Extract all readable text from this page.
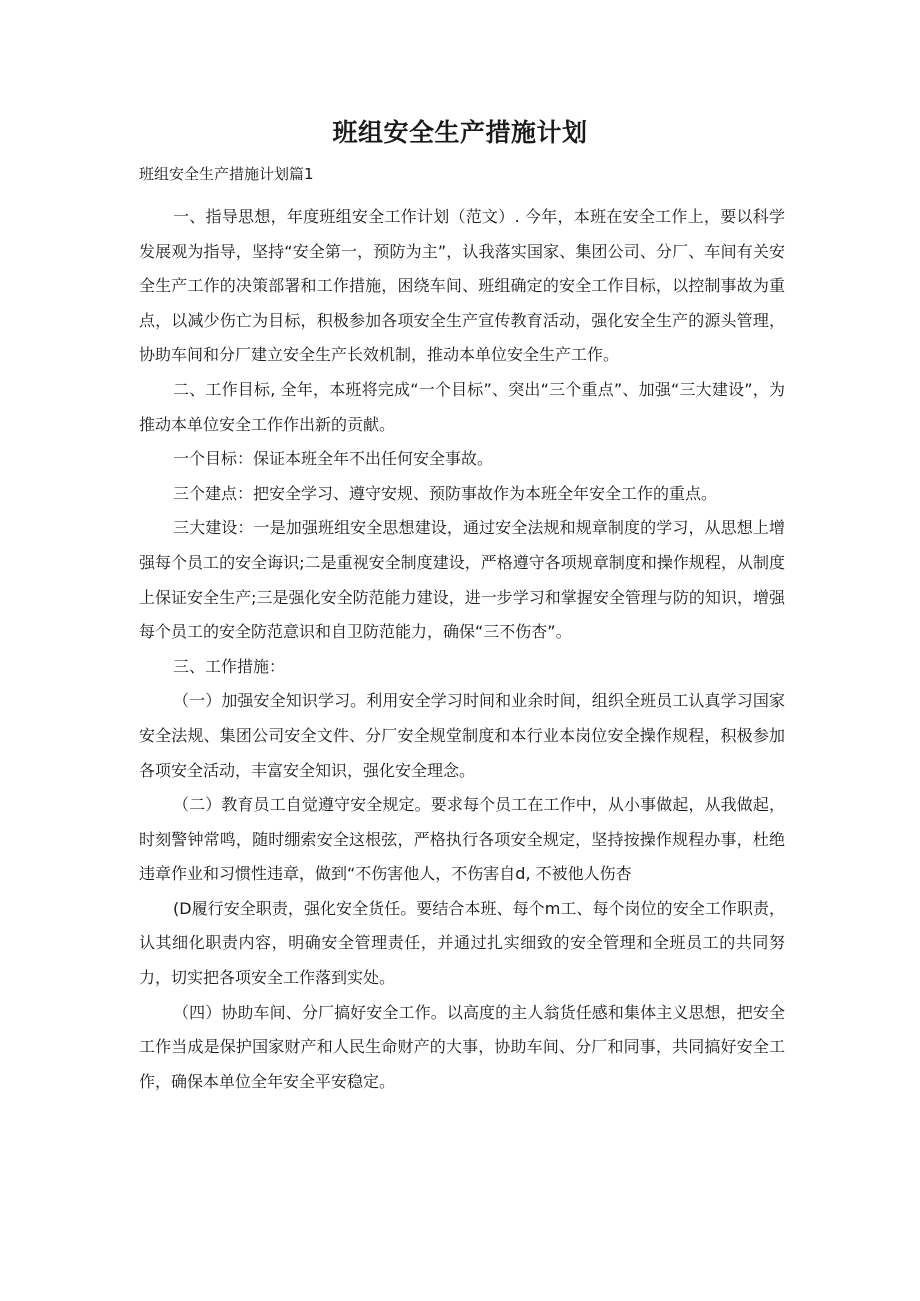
班组安全生产措施计划

班组安全生产措施计划篇1

一、指导思想，年度班组安全工作计划（范文）. 今年，本班在安全工作上，要以科学发展观为指导，坚持“安全第一，预防为主”，认我落实国家、集团公司、分厂、车间有关安全生产工作的决策部署和工作措施，困绕车间、班组确定的安全工作目标，以控制事故为重点，以减少伤亡为目标，积极参加各项安全生产宣传教育活动，强化安全生产的源头管理，协助车间和分厂建立安全生产长效机制，推动本单位安全生产工作。

二、工作目标, 全年，本班将完成“一个目标”、突出“三个重点”、加强“三大建设”，为推动本单位安全工作作出新的贡献。

一个目标：保证本班全年不出任何安全事故。

三个建点：把安全学习、遵守安规、预防事故作为本班全年安全工作的重点。

三大建设：一是加强班组安全思想建设，通过安全法规和规章制度的学习，从思想上增强每个员工的安全诲识;二是重视安全制度建设，严格遵守各项规章制度和操作规程，从制度上保证安全生产;三是强化安全防范能力建设，进一步学习和掌握安全管理与防的知识，增强每个员工的安全防范意识和自卫防范能力，确保“三不伤杏”。

三、工作措施：

（一）加强安全知识学习。利用安全学习时间和业余时间，组织全班员工认真学习国家安全法规、集团公司安全文件、分厂安全规堂制度和本行业本岗位安全操作规程，积极参加各项安全活动，丰富安全知识，强化安全理念。

（二）教育员工自觉遵守安全规定。要求每个员工在工作中，从小事做起，从我做起，时刻警钟常鸣，随时绷索安全这根弦，严格执行各项安全规定，坚持按操作规程办事，杜绝违章作业和习惯性违章，做到“不伤害他人，不伤害自d, 不被他人伤杏

(D履行安全职责，强化安全货任。要结合本班、每个m工、每个岗位的安全工作职责，认其细化职责内容，明确安全管理责任，并通过扎实细致的安全管理和全班员工的共同努力，切实把各项安全工作落到实处。

（四）协助车间、分厂搞好安全工作。以高度的主人翁货任感和集体主义思想，把安全工作当成是保护国家财产和人民生命财产的大事，协助车间、分厂和同事，共同搞好安全工作，确保本单位全年安全平安稳定。
